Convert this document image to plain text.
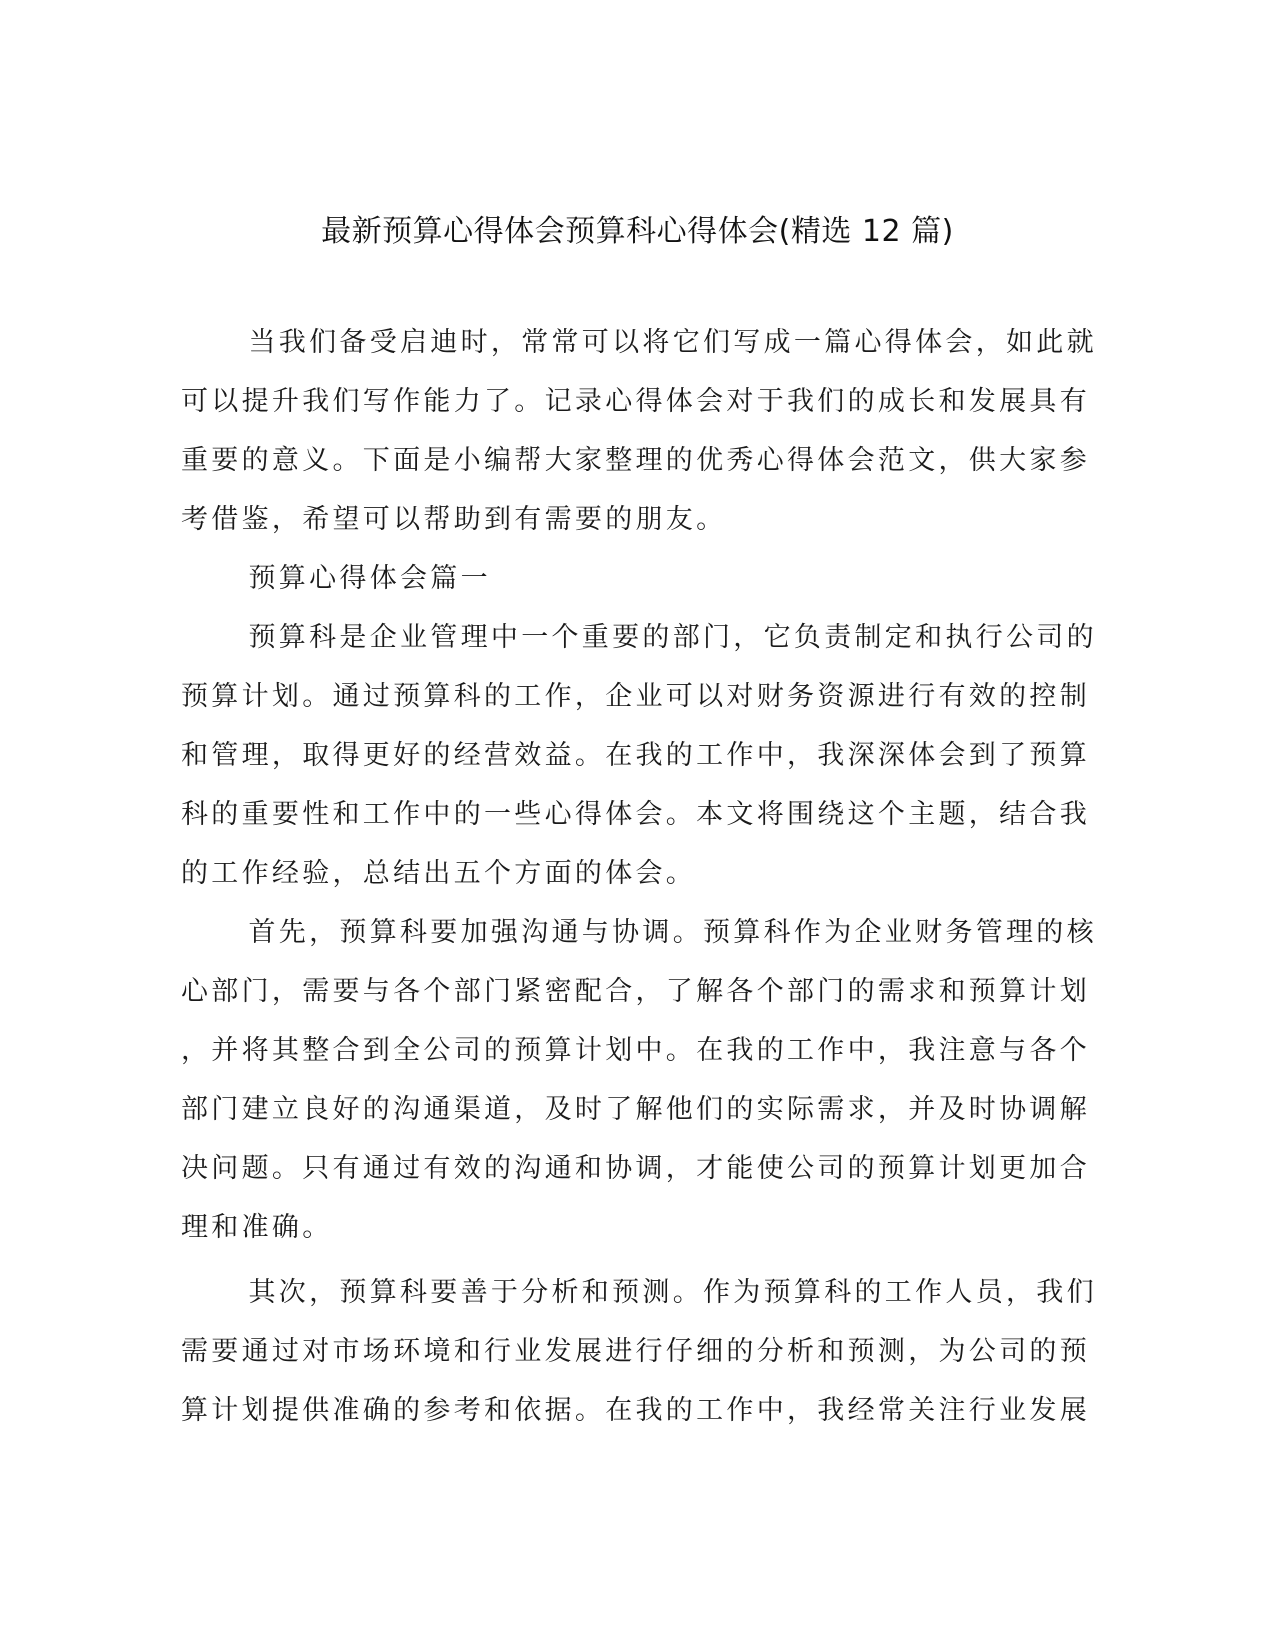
最新预算心得体会预算科心得体会(精选 12 篇)
当我们备受启迪时，常常可以将它们写成一篇心得体会，如此就
可以提升我们写作能力了。记录心得体会对于我们的成长和发展具有
重要的意义。下面是小编帮大家整理的优秀心得体会范文，供大家参
考借鉴，希望可以帮助到有需要的朋友。
预算心得体会篇一
预算科是企业管理中一个重要的部门，它负责制定和执行公司的
预算计划。通过预算科的工作，企业可以对财务资源进行有效的控制
和管理，取得更好的经营效益。在我的工作中，我深深体会到了预算
科的重要性和工作中的一些心得体会。本文将围绕这个主题，结合我
的工作经验，总结出五个方面的体会。
首先，预算科要加强沟通与协调。预算科作为企业财务管理的核
心部门，需要与各个部门紧密配合，了解各个部门的需求和预算计划
，并将其整合到全公司的预算计划中。在我的工作中，我注意与各个
部门建立良好的沟通渠道，及时了解他们的实际需求，并及时协调解
决问题。只有通过有效的沟通和协调，才能使公司的预算计划更加合
理和准确。
其次，预算科要善于分析和预测。作为预算科的工作人员，我们
需要通过对市场环境和行业发展进行仔细的分析和预测，为公司的预
算计划提供准确的参考和依据。在我的工作中，我经常关注行业发展
